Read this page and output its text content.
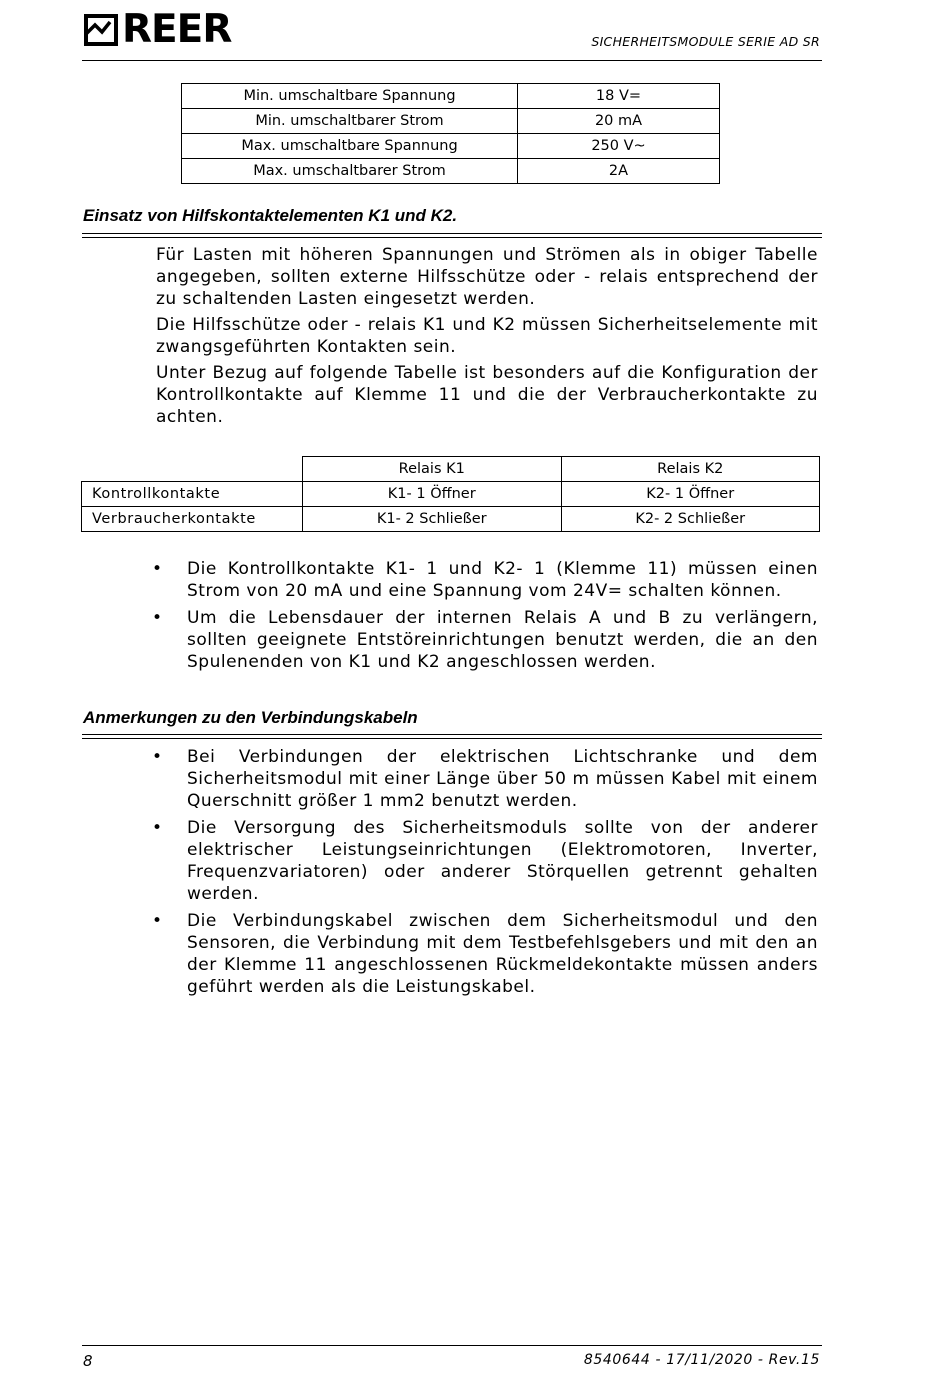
REER	SICHERHEITSMODULE SERIE AD SR
Min. umschaltbare Spannung	18 V=
Min. umschaltbarer Strom	20 mA
Max. umschaltbare Spannung	250 V~
Max. umschaltbarer Strom	2A
Einsatz von Hilfskontaktelementen K1 und K2.

Für Lasten mit höheren Spannungen und Strömen als in obiger Tabelle angegeben, sollten externe Hilfsschütze oder - relais entsprechend der zu schaltenden Lasten eingesetzt werden.

Die Hilfsschütze oder - relais K1 und K2 müssen Sicherheitselemente mit zwangsgeführten Kontakten sein.

Unter Bezug auf folgende Tabelle ist besonders auf die Konfiguration der Kontrollkontakte auf Klemme 11 und die der Verbraucherkontakte zu achten.

	Relais K1	Relais K2
Kontrollkontakte	K1- 1 Öffner	K2- 1 Öffner
Verbraucherkontakte	K1- 2 Schließer	K2- 2 Schließer
• Die Kontrollkontakte K1- 1 und K2- 1 (Klemme 11) müssen einen Strom von 20 mA und eine Spannung vom 24V= schalten können.
• Um die Lebensdauer der internen Relais A und B zu verlängern, sollten geeignete Entstöreinrichtungen benutzt werden, die an den Spulenenden von K1 und K2 angeschlossen werden.
Anmerkungen zu den Verbindungskabeln
• Bei Verbindungen der elektrischen Lichtschranke und dem Sicherheitsmodul mit einer Länge über 50 m müssen Kabel mit einem Querschnitt größer 1 mm2 benutzt werden.
• Die Versorgung des Sicherheitsmoduls sollte von der anderer elektrischer Leistungseinrichtungen (Elektromotoren, Inverter, Frequenzvariatoren) oder anderer Störquellen getrennt gehalten werden.
• Die Verbindungskabel zwischen dem Sicherheitsmodul und den Sensoren, die Verbindung mit dem Testbefehlsgebers und mit den an der Klemme 11 angeschlossenen Rückmeldekontakte müssen anders geführt werden als die Leistungskabel.
8	8540644 - 17/11/2020 - Rev.15
